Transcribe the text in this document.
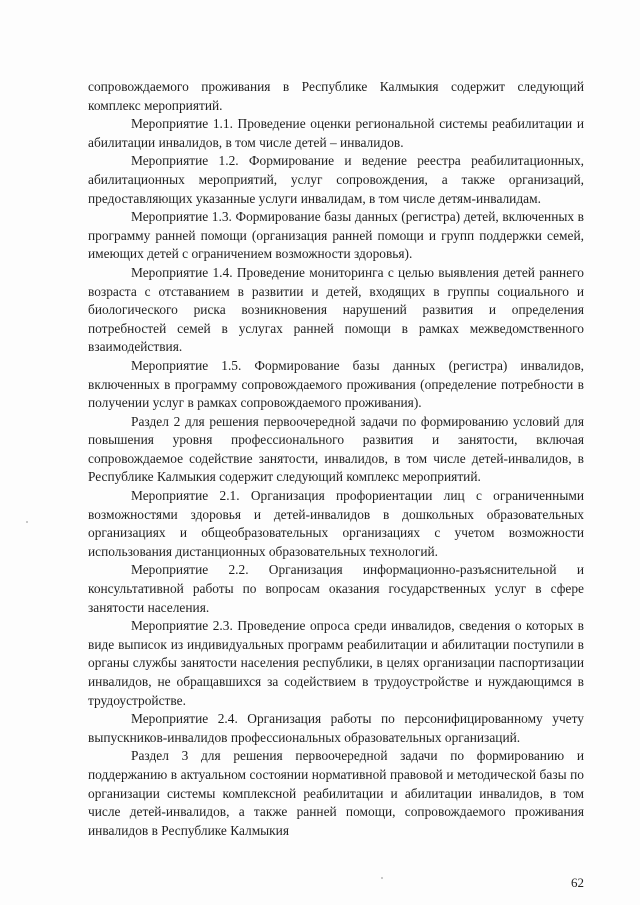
сопровождаемого проживания в Республике Калмыкия содержит следующий комплекс мероприятий.

Мероприятие 1.1. Проведение оценки региональной системы реабилитации и абилитации инвалидов, в том числе детей – инвалидов.

Мероприятие 1.2. Формирование и ведение реестра реабилитационных, абилитационных мероприятий, услуг сопровождения, а также организаций, предоставляющих указанные услуги инвалидам, в том числе детям-инвалидам.

Мероприятие 1.3. Формирование базы данных (регистра) детей, включенных в программу ранней помощи (организация ранней помощи и групп поддержки семей, имеющих детей с ограничением возможности здоровья).

Мероприятие 1.4. Проведение мониторинга с целью выявления детей раннего возраста с отставанием в развитии и детей, входящих в группы социального и биологического риска возникновения нарушений развития и определения потребностей семей в услугах ранней помощи в рамках межведомственного взаимодействия.

Мероприятие 1.5. Формирование базы данных (регистра) инвалидов, включенных в программу сопровождаемого проживания (определение потребности в получении услуг в рамках сопровождаемого проживания).

Раздел 2 для решения первоочередной задачи по формированию условий для повышения уровня профессионального развития и занятости, включая сопровождаемое содействие занятости, инвалидов, в том числе детей-инвалидов, в Республике Калмыкия содержит следующий комплекс мероприятий.

Мероприятие 2.1. Организация профориентации лиц с ограниченными возможностями здоровья и детей-инвалидов в дошкольных образовательных организациях и общеобразовательных организациях с учетом возможности использования дистанционных образовательных технологий.

Мероприятие 2.2. Организация информационно-разъяснительной и консультативной работы по вопросам оказания государственных услуг в сфере занятости населения.

Мероприятие 2.3. Проведение опроса среди инвалидов, сведения о которых в виде выписок из индивидуальных программ реабилитации и абилитации поступили в органы службы занятости населения республики, в целях организации паспортизации инвалидов, не обращавшихся за содействием в трудоустройстве и нуждающимся в трудоустройстве.

Мероприятие 2.4. Организация работы по персонифицированному учету выпускников-инвалидов профессиональных образовательных организаций.

Раздел 3 для решения первоочередной задачи по формированию и поддержанию в актуальном состоянии нормативной правовой и методической базы по организации системы комплексной реабилитации и абилитации инвалидов, в том числе детей-инвалидов, а также ранней помощи, сопровождаемого проживания инвалидов в Республике Калмыкия

62
